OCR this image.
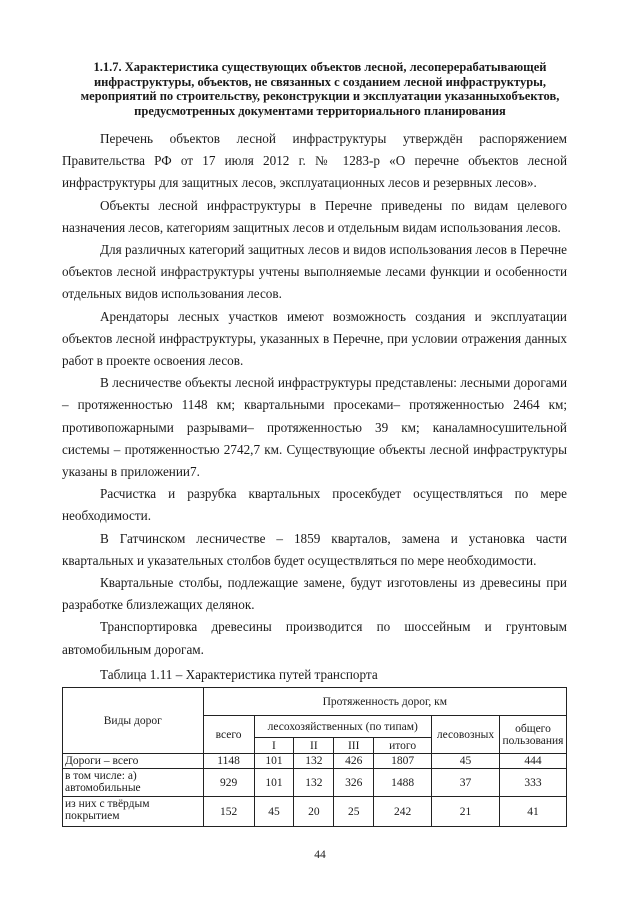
1.1.7. Характеристика существующих объектов лесной, лесоперерабатывающей инфраструктуры, объектов, не связанных с созданием лесной инфраструктуры, мероприятий по строительству, реконструкции и эксплуатации указанныхобъектов, предусмотренных документами территориального планирования

Перечень объектов лесной инфраструктуры утверждён распоряжением Правительства РФ от 17 июля 2012 г. № 1283-р «О перечне объектов лесной инфраструктуры для защитных лесов, эксплуатационных лесов и резервных лесов».

Объекты лесной инфраструктуры в Перечне приведены по видам целевого назначения лесов, категориям защитных лесов и отдельным видам использования лесов.

Для различных категорий защитных лесов и видов использования лесов в Перечне объектов лесной инфраструктуры учтены выполняемые лесами функции и особенности отдельных видов использования лесов.

Арендаторы лесных участков имеют возможность создания и эксплуатации объектов лесной инфраструктуры, указанных в Перечне, при условии отражения данных работ в проекте освоения лесов.

В лесничестве объекты лесной инфраструктуры представлены: лесными дорогами – протяженностью 1148 км; квартальными просеками– протяженностью 2464 км; противопожарными разрывами– протяженностью 39 км; каналамносушительной системы – протяженностью 2742,7 км. Существующие объекты лесной инфраструктуры указаны в приложении7.

Расчистка и разрубка квартальных просекбудет осуществляться по мере необходимости.

В Гатчинском лесничестве – 1859 кварталов, замена и установка части квартальных и указательных столбов будет осуществляться по мере необходимости.

Квартальные столбы, подлежащие замене, будут изготовлены из древесины при разработке близлежащих делянок.

Транспортировка древесины производится по шоссейным и грунтовым автомобильным дорогам.

Таблица 1.11 – Характеристика путей транспорта
Виды дорог	Протяженность дорог, км						
	всего	лесохозяйственных (по типам)				лесовозных	общего пользования
		I	II	III	итого		
Дороги – всего	1148	101	132	426	1807	45	444
в том числе: а) автомобильные	929	101	132	326	1488	37	333
из них с твёрдым покрытием	152	45	20	25	242	21	41
44
